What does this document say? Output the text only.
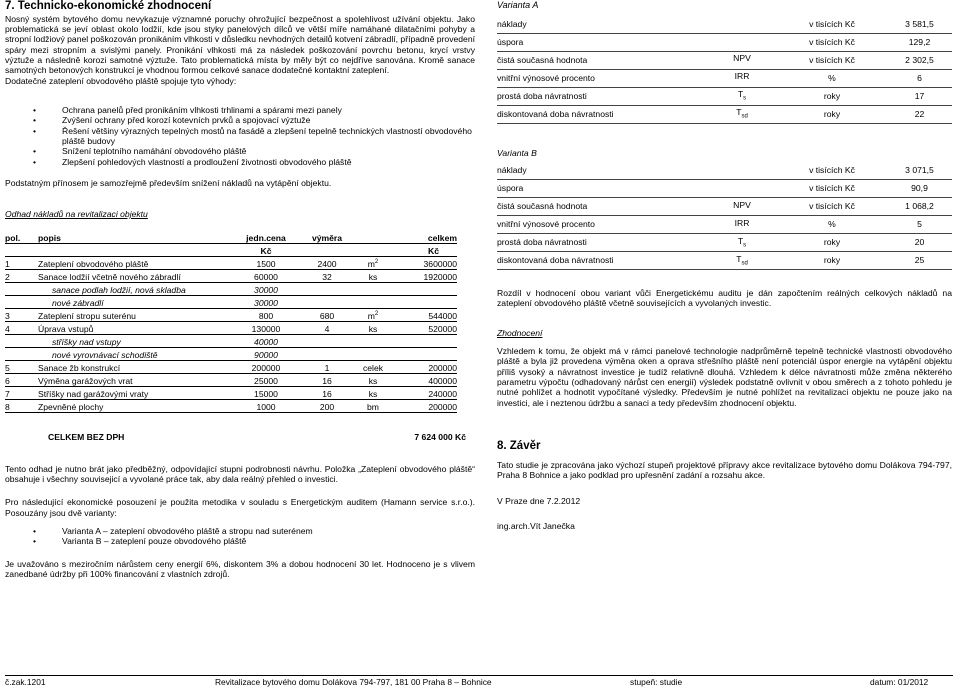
7. Technicko-ekonomické zhodnocení

Nosný systém bytového domu nevykazuje významné poruchy ohrožující bezpečnost a spolehlivost užívání objektu. Jako problematická se jeví oblast okolo lodžií, kde jsou styky panelových dílců ve větší míře namáhané dilatačními pohyby a stropní lodžiový panel poškozován pronikáním vlhkosti v důsledku nevhodných detailů kotvení zábradlí, případně provedení spáry mezi stropním a svislými panely. Pronikání vlhkosti má za následek poškozování povrchu betonu, krycí vrstvy výztuže a následně korozi samotné výztuže. Tato problematická místa by měly být co nejdříve sanována. Kromě sanace samotných betonových konstrukcí je vhodnou formou celkové sanace dodatečné kontaktní zateplení.

Dodatečné zateplení obvodového pláště spojuje tyto výhody:

• Ochrana panelů před pronikáním vlhkosti trhlinami a spárami mezi panely
• Zvýšení ochrany před korozí kotevních prvků a spojovací výztuže
• Řešení většiny výrazných tepelných mostů na fasádě a zlepšení tepelně technických vlastností obvodového pláště budovy
• Snížení teplotního namáhání obvodového pláště
• Zlepšení pohledových vlastností a prodloužení životnosti obvodového pláště

Podstatným přínosem je samozřejmě především snížení nákladů na vytápění objektu.

Odhad nákladů na revitalizaci objektu

pol.	popis	jedn.cena	výměra		celkem
		Kč			Kč
1	Zateplení obvodového pláště	1500	2400	$m^2$	3600000
2	Sanace lodžií včetně nového zábradlí	60000	32	ks	1920000
	sanace podlah lodžií, nová skladba	30000			
	nové zábradlí	30000			
3	Zateplení stropu suterénu	800	680	$m^2$	544000
4	Úprava vstupů	130000	4	ks	520000
	stříšky nad vstupy	40000			
	nové vyrovnávací schodiště	90000			
5	Sanace žb konstrukcí	200000	1	celek	200000
6	Výměna garážových vrat	25000	16	ks	400000
7	Stříšky nad garážovými vraty	15000	16	ks	240000
8	Zpevněné plochy	1000	200	bm	200000
CELKEM BEZ DPH	7 624 000 Kč

Tento odhad je nutno brát jako předběžný, odpovídající stupni podrobnosti návrhu. Položka „Zateplení obvodového pláště“ obsahuje i všechny souvisejicí a vyvolané práce tak, aby dala reálný přehled o investici.

Pro následující ekonomické posouzení je použita metodika v souladu s Energetickým auditem (Hamann service s.r.o.). Posouzány jsou dvě varianty:

• Varianta A – zateplení obvodového pláště a stropu nad suterénem
• Varianta B – zateplení pouze obvodového pláště

Je uvažováno s meziročním nárůstem ceny energií 6%, diskontem 3% a dobou hodnocení 30 let. Hodnoceno je s vlivem zanedbané údržby při 100% financování z vlastních zdrojů.

Varianta A

náklady		v tisících Kč	3 581,5
úspora		v tisících Kč	129,2
čistá současná hodnota	NPV	v tisících Kč	2 302,5
vnitřní výnosové procento	IRR	%	6
prostá doba návratnosti	$T_s$	roky	17
diskontovaná doba návratnosti	$T_{sd}$	roky	22

Varianta B

náklady		v tisících Kč	3 071,5
úspora		v tisících Kč	90,9
čistá současná hodnota	NPV	v tisících Kč	1 068,2
vnitřní výnosové procento	IRR	%	5
prostá doba návratnosti	$T_s$	roky	20
diskontovaná doba návratnosti	$T_{sd}$	roky	25

Rozdíl v hodnocení obou variant vůči Energetickému auditu je dán započtením reálných celkových nákladů na zateplení obvodového pláště včetně souvisejících a vyvolaných investic.

Zhodnocení

Vzhledem k tomu, že objekt má v rámci panelové technologie nadprůměrně tepelně technické vlastnosti obvodového pláště a byla již provedena výměna oken a oprava střešního pláště není potenciál úspor energie na vytápění objektu příliš vysoký a návratnost investice je tudíž relativně dlouhá. Vzhledem k délce návratnosti může změna některého parametru výpočtu (odhadovaný nárůst cen energií) výsledek podstatně ovlivnit v obou směrech a z tohoto pohledu je nutné pohlížet a hodnotit vypočítané výsledky. Především je nutné pohlížet na revitalizaci objektu ne pouze jako na investici, ale i neztenou údržbu a sanaci a tedy především zhodnocení objektu.

8. Závěr

Tato studie je zpracována jako výchozí stupeň projektové přípravy akce revitalizace bytového domu Dolákova 794-797, Praha 8 Bohnice a jako podklad pro upřesnění zadání a rozsahu akce.

V Praze dne 7.2.2012

ing.arch.Vít Janečka

č.zak.1201	Revitalizace bytového domu Dolákova 794-797, 181 00 Praha 8 – Bohnice	stupeň: studie	datum: 01/2012
